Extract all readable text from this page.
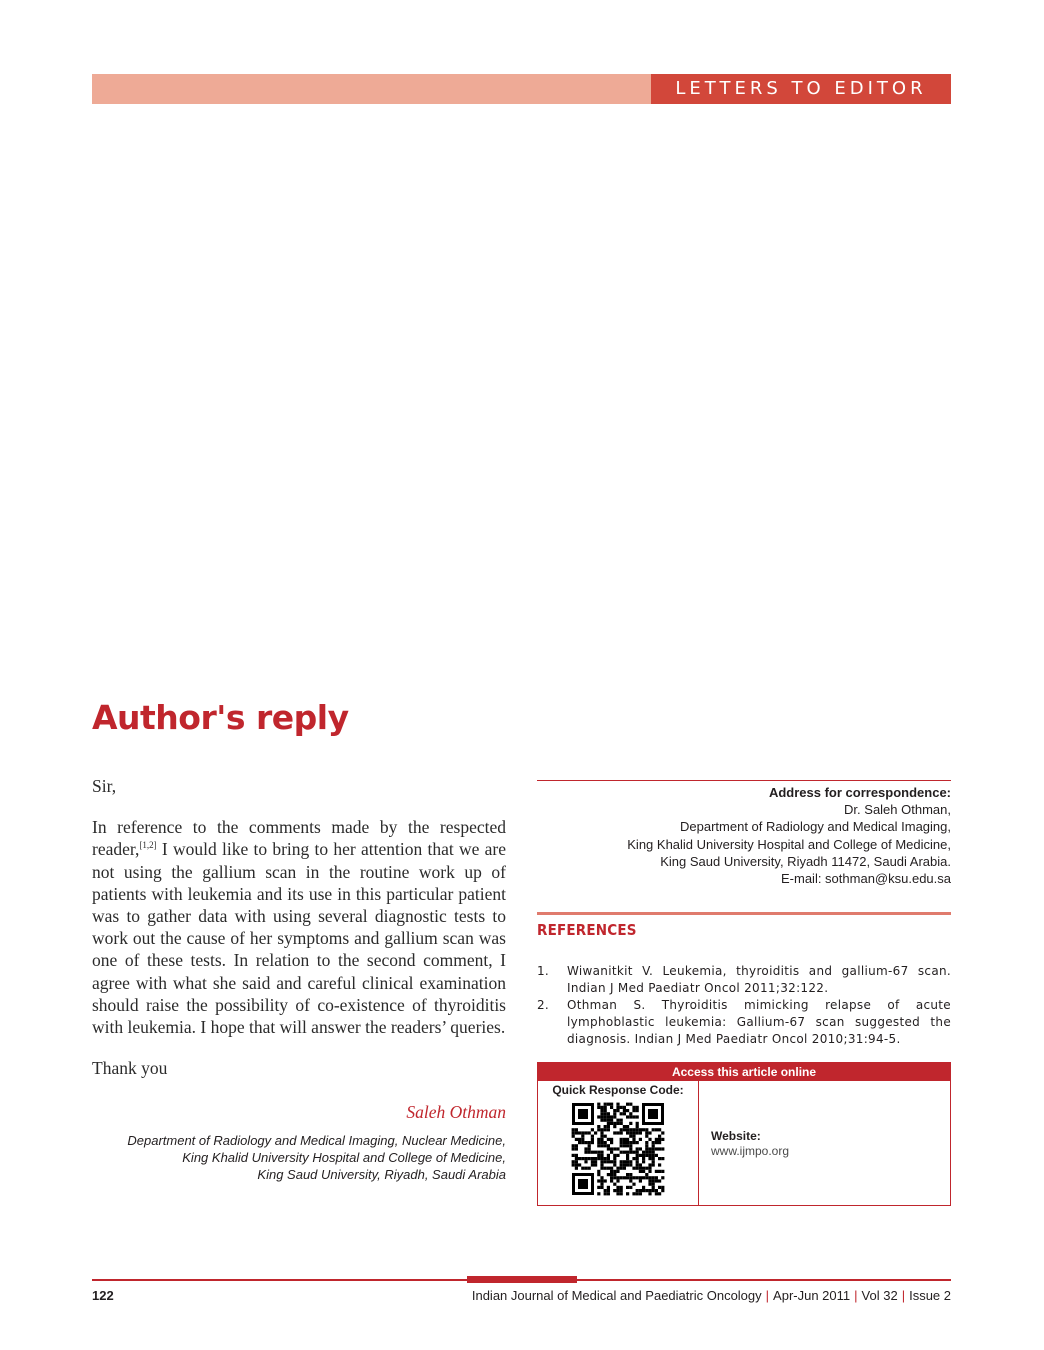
LETTERS TO EDITOR
Author's reply

Sir,

In reference to the comments made by the respected reader,[1,2] I would like to bring to her attention that we are not using the gallium scan in the routine work up of patients with leukemia and its use in this particular patient was to gather data with using several diagnostic tests to work out the cause of her symptoms and gallium scan was one of these tests. In relation to the second comment, I agree with what she said and careful clinical examination should raise the possibility of co-existence of thyroiditis with leukemia. I hope that will answer the readers’ queries.

Thank you

Saleh Othman

Department of Radiology and Medical Imaging, Nuclear Medicine,
King Khalid University Hospital and College of Medicine,
King Saud University, Riyadh, Saudi Arabia
Address for correspondence:
Dr. Saleh Othman,
Department of Radiology and Medical Imaging,
King Khalid University Hospital and College of Medicine,
King Saud University, Riyadh 11472, Saudi Arabia.
E-mail: sothman@ksu.edu.sa
REFERENCES
1.	Wiwanitkit V. Leukemia, thyroiditis and gallium-67 scan. Indian J Med Paediatr Oncol 2011;32:122.
2.	Othman S. Thyroiditis mimicking relapse of acute lymphoblastic leukemia: Gallium-67 scan suggested the diagnosis. Indian J Med Paediatr Oncol 2010;31:94-5.
Access this article online
Quick Response Code:
Website:
www.ijmpo.org
122	Indian Journal of Medical and Paediatric Oncology | Apr-Jun 2011 | Vol 32 | Issue 2
